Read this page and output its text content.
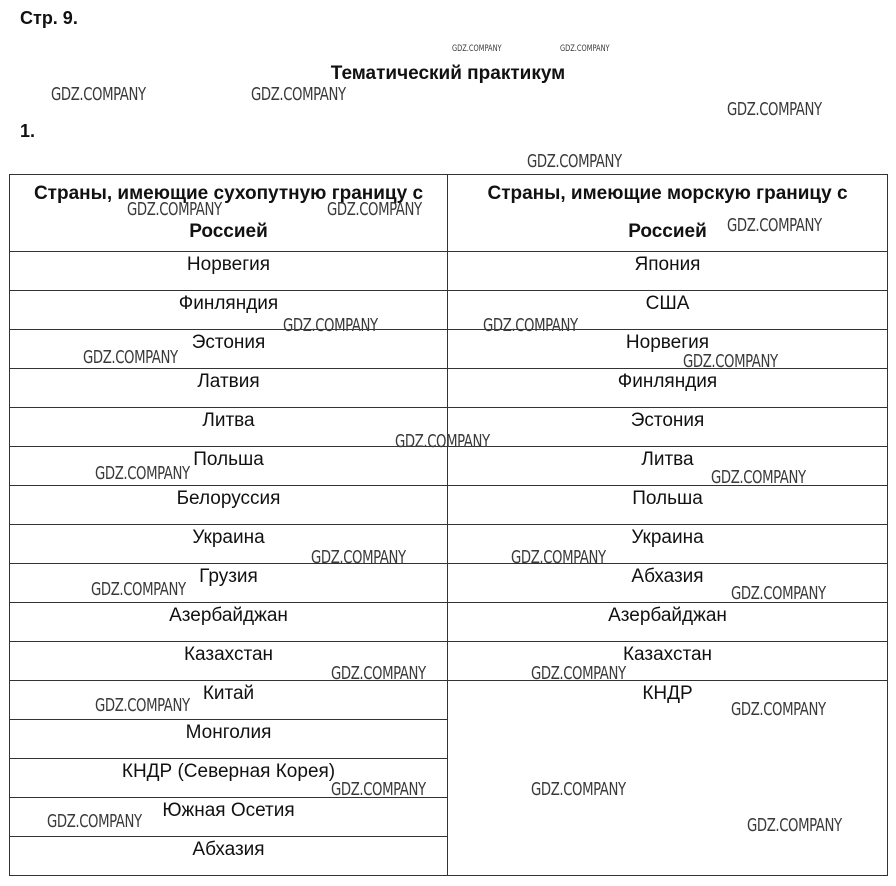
Стр. 9.
Тематический практикум
1.
Страны, имеющие сухопутную границу с Россией	Страны, имеющие морскую границу с Россией
Норвегия	Япония
Финляндия	США
Эстония	Норвегия
Латвия	Финляндия
Литва	Эстония
Польша	Литва
Белоруссия	Польша
Украина	Украина
Грузия	Абхазия
Азербайджан	Азербайджан
Казахстан	Казахстан
Китай	КНДР
Монголия	
КНДР (Северная Корея)	
Южная Осетия	
Абхазия	
GDZ.COMPANY	GDZ.COMPANY
GDZ.COMPANY	GDZ.COMPANY
GDZ.COMPANY
GDZ.COMPANY
GDZ.COMPANY	GDZ.COMPANY
GDZ.COMPANY
GDZ.COMPANY	GDZ.COMPANY
GDZ.COMPANY	GDZ.COMPANY
GDZ.COMPANY
GDZ.COMPANY	GDZ.COMPANY
GDZ.COMPANY	GDZ.COMPANY
GDZ.COMPANY	GDZ.COMPANY
GDZ.COMPANY	GDZ.COMPANY
GDZ.COMPANY	GDZ.COMPANY
GDZ.COMPANY	GDZ.COMPANY
GDZ.COMPANY	GDZ.COMPANY
